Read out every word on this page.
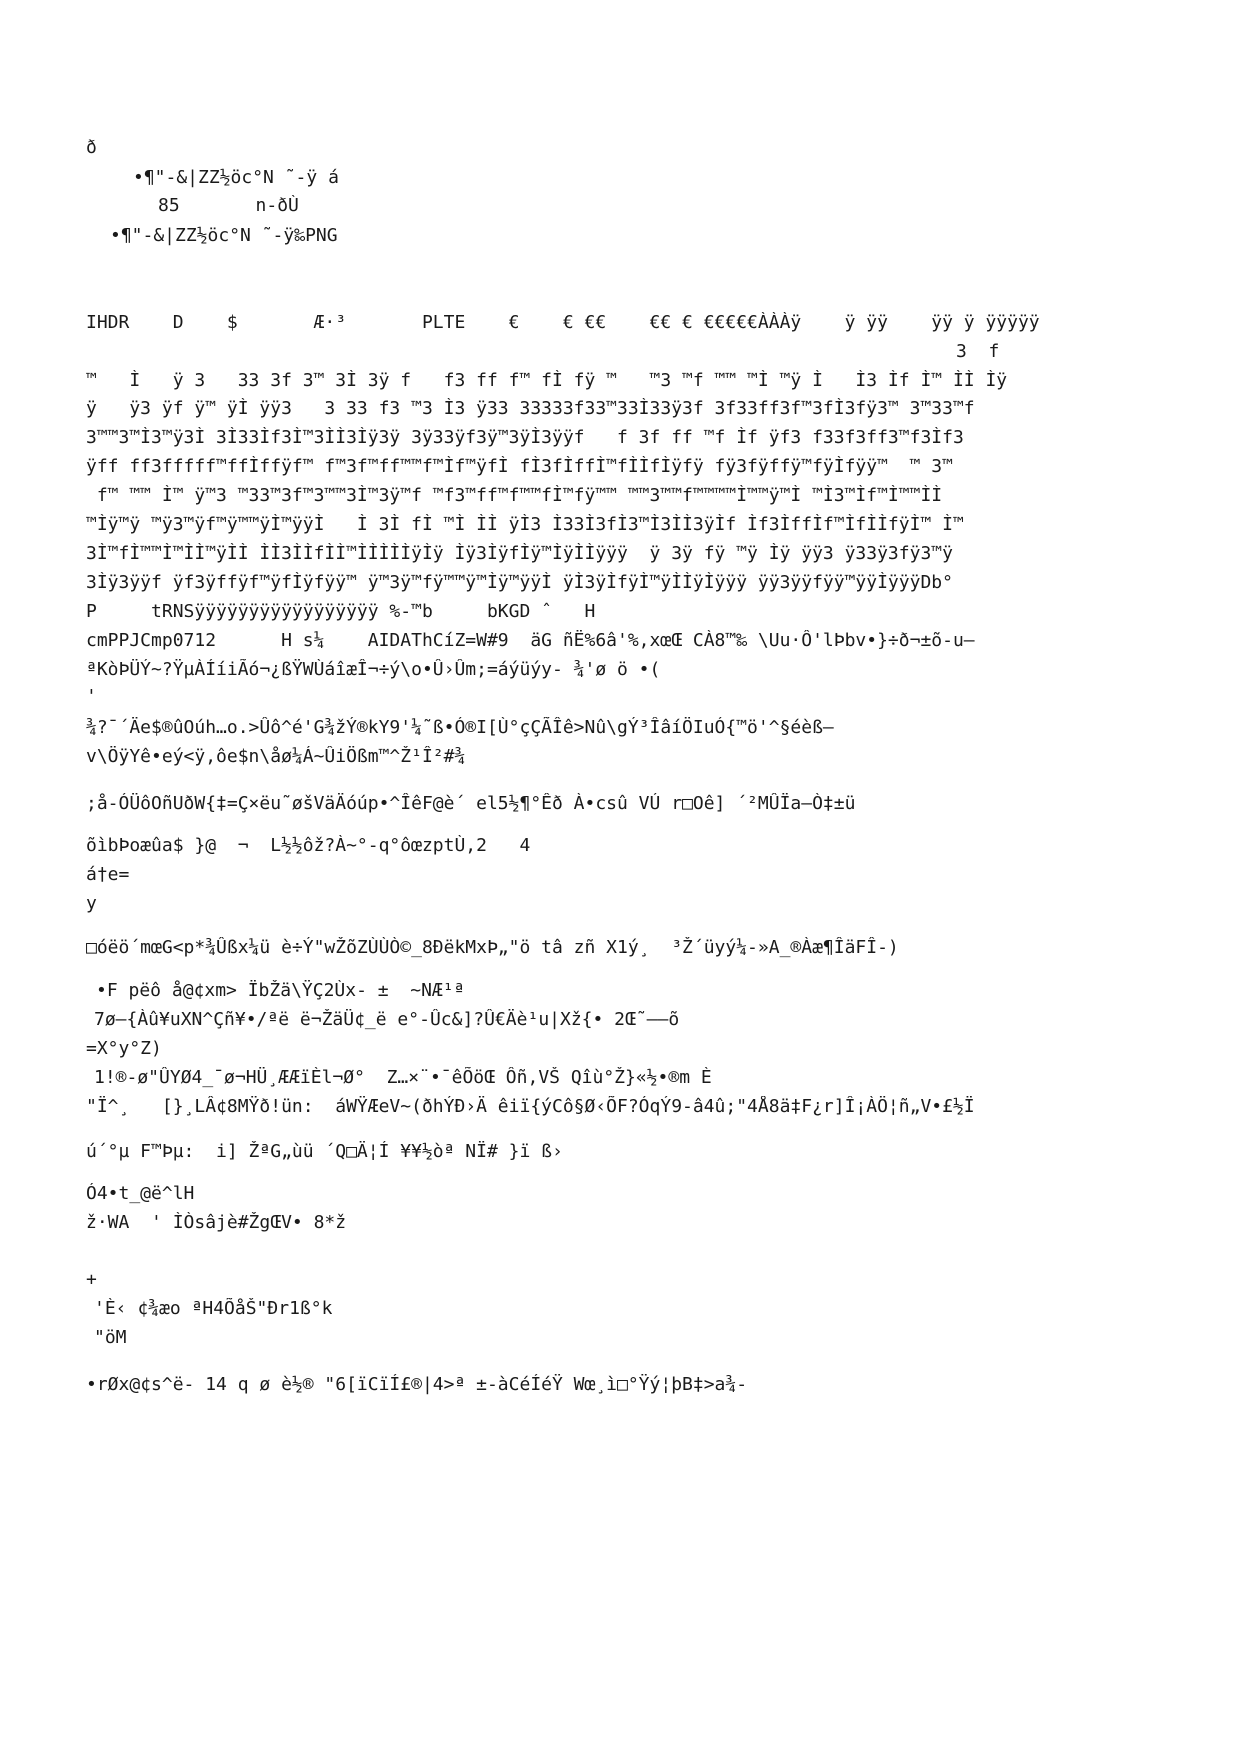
ð

•¶"-&|ZZ½öc°N ˜-ÿ á

85       n-ðÙ

•¶"-&|ZZ½öc°N ˜-ÿ‰PNG

IHDR    D    $       Æ·³       PLTE    €    € €€    €€ € €€€€€ÀÀÀÿ    ÿ ÿÿ    ÿÿ ÿ ÿÿÿÿÿ

3  f

™   Ì   ÿ 3   33 3f 3™ 3Ì 3ÿ f   f3 ff f™ fÌ fÿ ™   ™3 ™f ™™ ™Ì ™ÿ Ì   Ì3 Ìf Ì™ ÌÌ Ìÿ

ÿ   ÿ3 ÿf ÿ™ ÿÌ ÿÿ3   3 33 f3 ™3 Ì3 ÿ33 33333f33™33Ì33ÿ3f 3f33ff3f™3fÌ3fÿ3™ 3™33™f

3™™3™Ì3™ÿ3Ì 3Ì33Ìf3Ì™3ÌÌ3Ìÿ3ÿ 3ÿ33ÿf3ÿ™3ÿÌ3ÿÿf   f 3f ff ™f Ìf ÿf3 f33f3ff3™f3Ìf3

ÿff ff3fffff™ffÌffÿf™ f™3f™ff™™f™Ìf™ÿfÌ fÌ3fÌffÌ™fÌÌfÌÿfÿ fÿ3fÿffÿ™fÿÌfÿÿ™  ™ 3™

f™ ™™ Ì™ ÿ™3 ™33™3f™3™™3Ì™3ÿ™f ™f3™ff™f™™fÌ™fÿ™™ ™™3™™f™™™™Ì™™ÿ™Ì ™Ì3™Ìf™Ì™™ÌÌ

™Ìÿ™ÿ ™ÿ3™ÿf™ÿ™™ÿÌ™ÿÿÌ   Ì 3Ì fÌ ™Ì ÌÌ ÿÌ3 Ì33Ì3fÌ3™Ì3ÌÌ3ÿÌf Ìf3ÌffÌf™ÌfÌÌfÿÌ™ Ì™

3Ì™fÌ™™Ì™ÌÌ™ÿÌÌ ÌÌ3ÌÌfÌÌ™ÌÌÌÌÌÿÌÿ Ìÿ3ÌÿfÌÿ™ÌÿÌÌÿÿÿ  ÿ 3ÿ fÿ ™ÿ Ìÿ ÿÿ3 ÿ33ÿ3fÿ3™ÿ

3Ìÿ3ÿÿf ÿf3ÿffÿf™ÿfÌÿfÿÿ™ ÿ™3ÿ™fÿ™™ÿ™Ìÿ™ÿÿÌ ÿÌ3ÿÌfÿÌ™ÿÌÌÿÌÿÿÿ ÿÿ3ÿÿfÿÿ™ÿÿÌÿÿÿDb°

P     tRNSÿÿÿÿÿÿÿÿÿÿÿÿÿÿÿÿÿ %-™b     bKGD ˆ   H

cmPPJCmp0712      H s¼    AIDAThCíZ=W#9  äG ñË%6â'%,xœŒ CÀ8™‰ \Uu·Ô'lÞbv•}÷ð¬±õ-u—

ªKòÞÜÝ~?ŸµÀÍíiÃó¬¿ßŸWÙáîæÎ¬÷ý\o•Û›Ûm;=áýüýy- ¾'ø ö •(

'

¾?¯´Äe$®ûOúh…o.>Ûô^é'G¾žÝ®kY9'¼˜ß•Ó®I[Ù°çÇÃÎê>Nû\gÝ³ÎâíÖIuÓ{™ö'^§éèß—

v\ÖÿYê•eý<ÿ,ôe$n\åø¼Á~ÛiÖßm™^Ž¹Î²#¾

;å-ÓÜôOñUðW{‡=Ç×ëu˜øšVäÄóúp•^ÎêF@è´ el5½¶°Êð À•csû VÚ r□Oê] ´²MÛÏa—Ò‡±ü

õìbÞoæûa$ }@  ¬  L½½ôž?À~°-q°ôœzptÙ,2   4

á†e=

y

□óëö´mœG<p*¾Ûßx¼ü è÷Ý"wŽõZÙÙÒ©_8ÐëkMxÞ„"ö tâ zñ X1ý¸  ³Ž´üyý¼-»A_®Àæ¶ÎäFÎ-)

•F pëô å@¢xm> ÏbŽä\ŸÇ2Ùx- ±  ~NÆ¹ª

7ø—{Àû¥uXN^Çñ¥•/ªë ë¬ŽäÜ¢_ë e°-Ûc&]?Û€Äè¹u|Xž{• 2Œ˜——õ

=X°y°Z)

1!®-ø"ÛYØ4_¯ø¬HÜ¸ÆÆïÈl¬Ø°  Z…×¨•¯êÕöŒ Ôñ,VŠ Qîù°Ž}«½•®m È

"Ï^¸   [}¸LÂ¢8MŸð!ün:  áWŸÆeV~(ðhÝÐ›Ä êiï{ýCô§Ø‹ÕF?ÓqÝ9-â4û;"4Å8ä‡F¿r]Î¡ÀÖ¦ñ„V•£½Ï

ú´°µ F™Þµ:  i] ŽªG„ùü ´Q□Ä¦Í ¥¥½òª NÏ# }ï ß›

Ó4•t_@ë^lH

ž·WA  ' ÌÒsâjè#ŽgŒV• 8*ž

+

'È‹ ¢¾æo ªH4ÕåŠ"Ðr1ß°k

"öM

•rØx@¢s^ë- 14 q ø è½® "6[ïCïÍ£®|4>ª ±-àCéÍéŸ Wœ¸ì□°Ÿý¦þB‡>a¾-
